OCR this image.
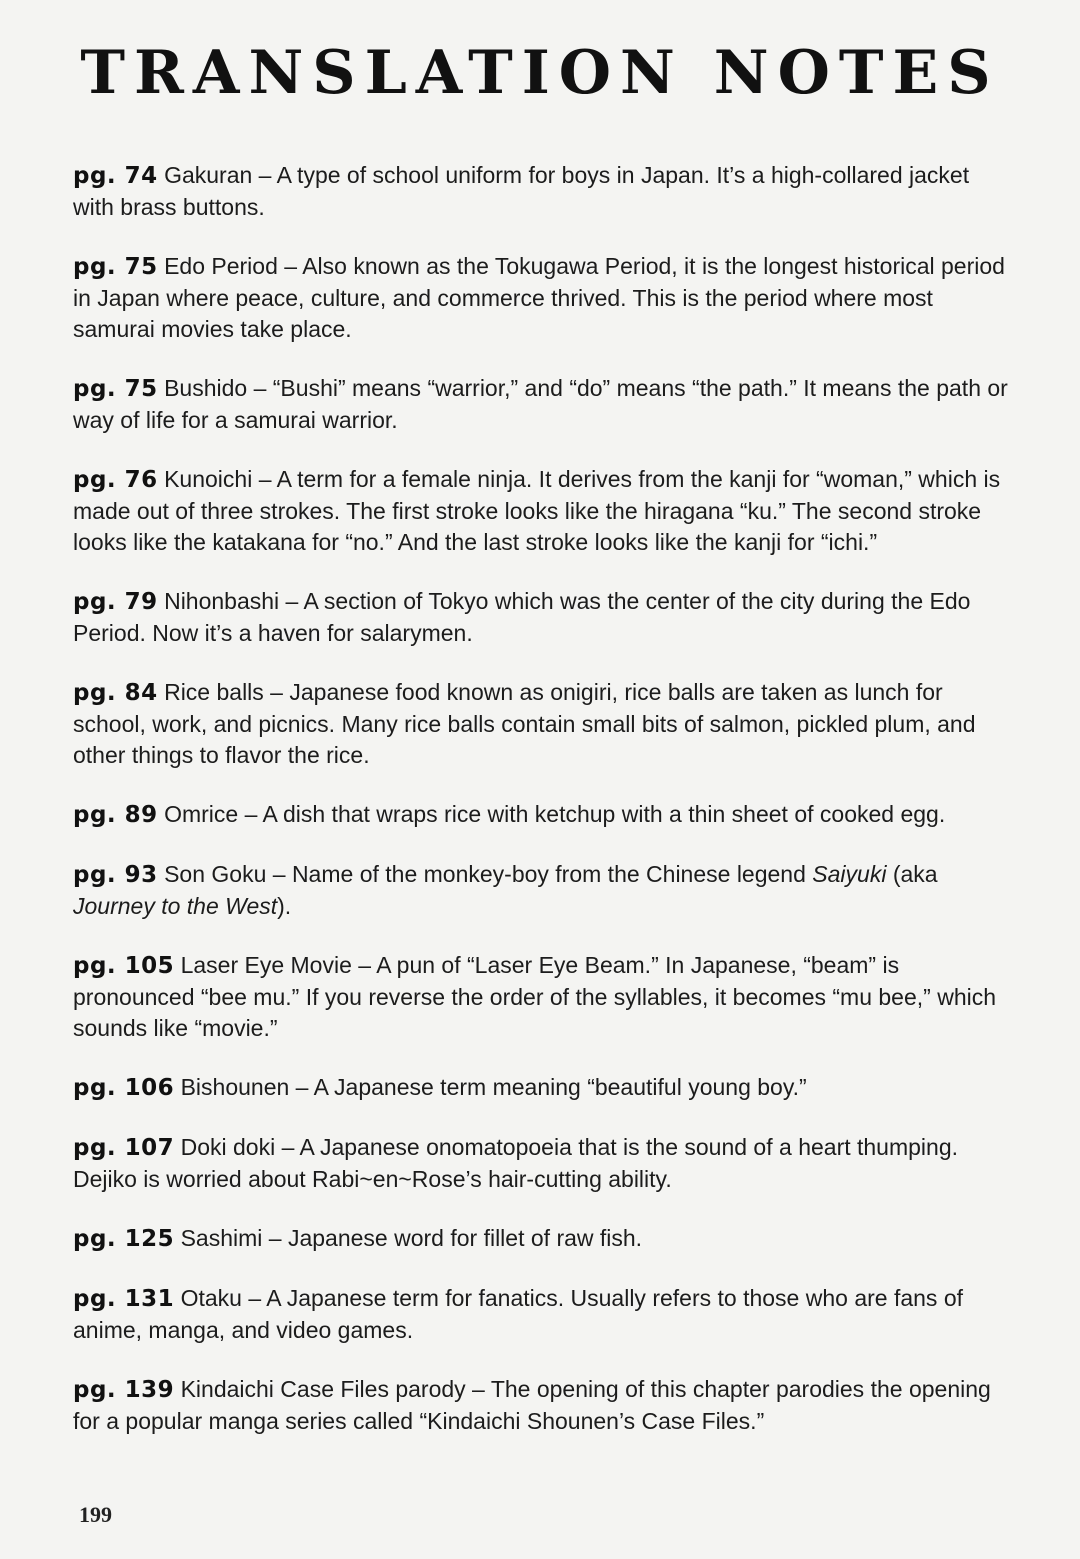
TRANSLATION NOTES

pg. 74 Gakuran – A type of school uniform for boys in Japan. It’s a high-collared jacket with brass buttons.

pg. 75 Edo Period – Also known as the Tokugawa Period, it is the longest historical period in Japan where peace, culture, and commerce thrived. This is the period where most samurai movies take place.

pg. 75 Bushido – “Bushi” means “warrior,” and “do” means “the path.” It means the path or way of life for a samurai warrior.

pg. 76 Kunoichi – A term for a female ninja. It derives from the kanji for “woman,” which is made out of three strokes. The first stroke looks like the hiragana “ku.” The second stroke looks like the katakana for “no.” And the last stroke looks like the kanji for “ichi.”

pg. 79 Nihonbashi – A section of Tokyo which was the center of the city during the Edo Period. Now it’s a haven for salarymen.

pg. 84 Rice balls – Japanese food known as onigiri, rice balls are taken as lunch for school, work, and picnics. Many rice balls contain small bits of salmon, pickled plum, and other things to flavor the rice.

pg. 89 Omrice – A dish that wraps rice with ketchup with a thin sheet of cooked egg.

pg. 93 Son Goku – Name of the monkey-boy from the Chinese legend Saiyuki (aka Journey to the West).

pg. 105 Laser Eye Movie – A pun of “Laser Eye Beam.” In Japanese, “beam” is pronounced “bee mu.” If you reverse the order of the syllables, it becomes “mu bee,” which sounds like “movie.”

pg. 106 Bishounen – A Japanese term meaning “beautiful young boy.”

pg. 107 Doki doki – A Japanese onomatopoeia that is the sound of a heart thumping. Dejiko is worried about Rabi~en~Rose’s hair-cutting ability.

pg. 125 Sashimi – Japanese word for fillet of raw fish.

pg. 131 Otaku – A Japanese term for fanatics. Usually refers to those who are fans of anime, manga, and video games.

pg. 139 Kindaichi Case Files parody – The opening of this chapter parodies the opening for a popular manga series called “Kindaichi Shounen’s Case Files.”

199
